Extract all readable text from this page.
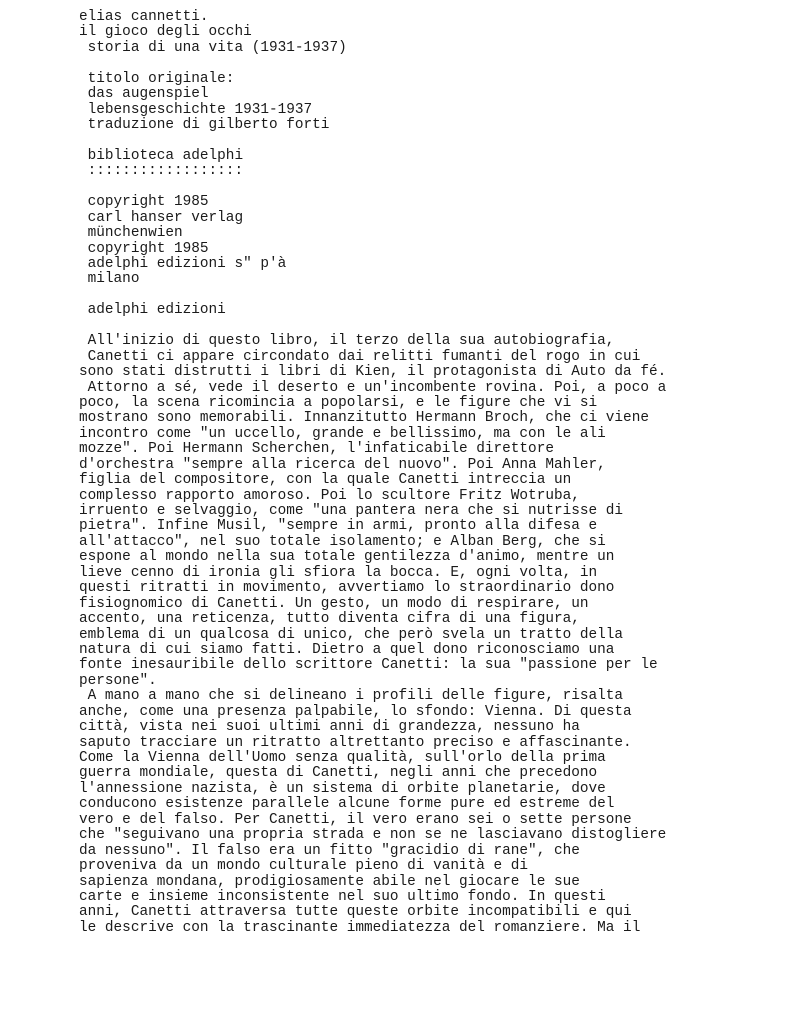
elias cannetti.
il gioco degli occhi
storia di una vita (1931-1937)

titolo originale:
das augenspiel
lebensgeschichte 1931-1937
traduzione di gilberto forti

biblioteca adelphi
::::::::::::::::::

copyright 1985
carl hanser verlag
münchenwien
copyright 1985
adelphi edizioni s" p'à
milano

adelphi edizioni

All'inizio di questo libro, il terzo della sua autobiografia,
Canetti ci appare circondato dai relitti fumanti del rogo in cui
sono stati distrutti i libri di Kien, il protagonista di Auto da fé.
Attorno a sé, vede il deserto e un'incombente rovina. Poi, a poco a
poco, la scena ricomincia a popolarsi, e le figure che vi si
mostrano sono memorabili. Innanzitutto Hermann Broch, che ci viene
incontro come "un uccello, grande e bellissimo, ma con le ali
mozze". Poi Hermann Scherchen, l'infaticabile direttore
d'orchestra "sempre alla ricerca del nuovo". Poi Anna Mahler,
figlia del compositore, con la quale Canetti intreccia un
complesso rapporto amoroso. Poi lo scultore Fritz Wotruba,
irruento e selvaggio, come "una pantera nera che si nutrisse di
pietra". Infine Musil, "sempre in armi, pronto alla difesa e
all'attacco", nel suo totale isolamento; e Alban Berg, che si
espone al mondo nella sua totale gentilezza d'animo, mentre un
lieve cenno di ironia gli sfiora la bocca. E, ogni volta, in
questi ritratti in movimento, avvertiamo lo straordinario dono
fisiognomico di Canetti. Un gesto, un modo di respirare, un
accento, una reticenza, tutto diventa cifra di una figura,
emblema di un qualcosa di unico, che però svela un tratto della
natura di cui siamo fatti. Dietro a quel dono riconosciamo una
fonte inesauribile dello scrittore Canetti: la sua "passione per le
persone".
A mano a mano che si delineano i profili delle figure, risalta
anche, come una presenza palpabile, lo sfondo: Vienna. Di questa
città, vista nei suoi ultimi anni di grandezza, nessuno ha
saputo tracciare un ritratto altrettanto preciso e affascinante.
Come la Vienna dell'Uomo senza qualità, sull'orlo della prima
guerra mondiale, questa di Canetti, negli anni che precedono
l'annessione nazista, è un sistema di orbite planetarie, dove
conducono esistenze parallele alcune forme pure ed estreme del
vero e del falso. Per Canetti, il vero erano sei o sette persone
che "seguivano una propria strada e non se ne lasciavano distogliere
da nessuno". Il falso era un fitto "gracidio di rane", che
proveniva da un mondo culturale pieno di vanità e di
sapienza mondana, prodigiosamente abile nel giocare le sue
carte e insieme inconsistente nel suo ultimo fondo. In questi
anni, Canetti attraversa tutte queste orbite incompatibili e qui
le descrive con la trascinante immediatezza del romanziere. Ma il
